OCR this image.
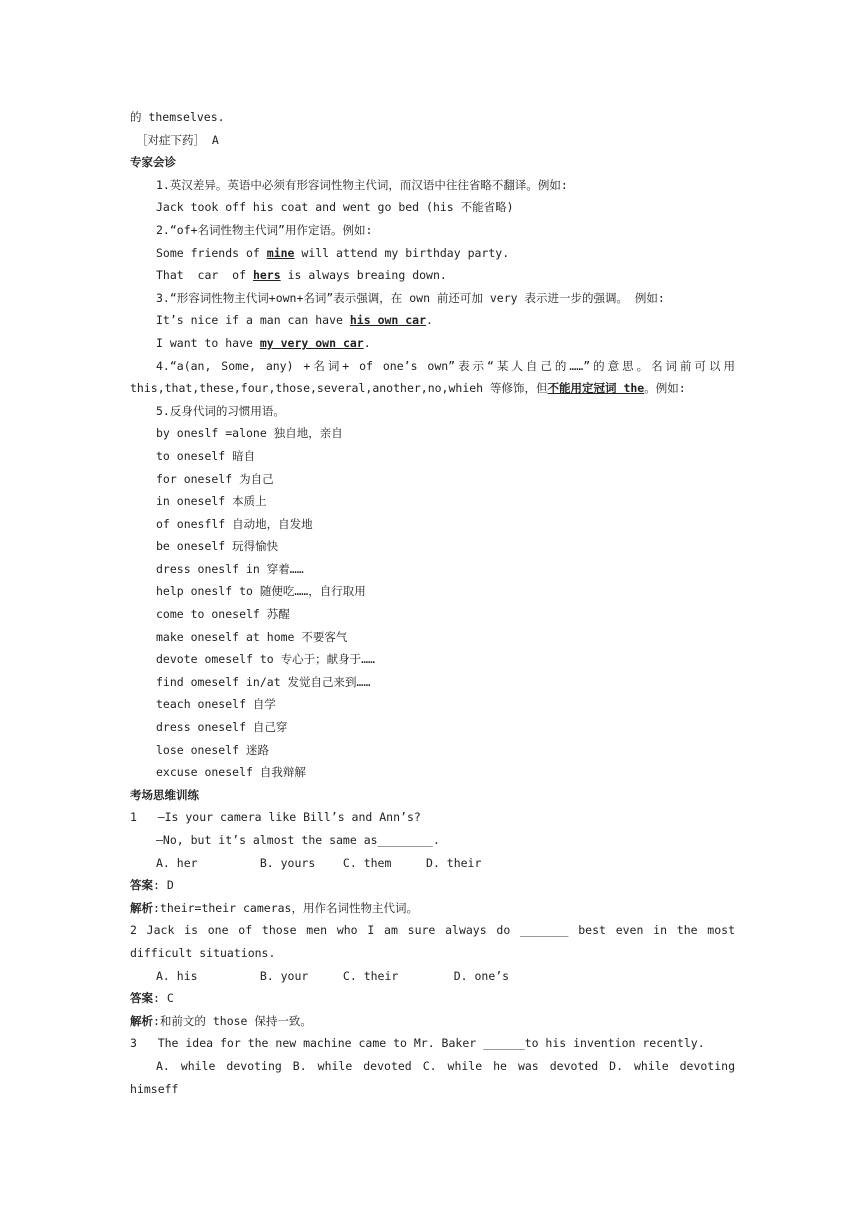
的 themselves.
［对症下药］ A
专家会诊
1.英汉差异。英语中必须有形容词性物主代词，而汉语中往往省略不翻译。例如:
Jack took off his coat and went go bed (his 不能省略)
2.“of+名词性物主代词”用作定语。例如:
Some friends of mine will attend my birthday party.
That  car  of hers is always breaing down.
3.“形容词性物主代词+own+名词”表示强调，在 own 前还可加 very 表示进一步的强调。 例如:
It’s nice if a man can have his own car.
I want to have my very own car.
4.“a(an, Some, any) +名词+ of one’s own”表示“某人自己的……”的意思。名词前可以用 this,that,these,four,those,several,another,no,whieh 等修饰，但不能用定冠词 the。例如:
5.反身代词的习惯用语。
by oneslf =alone 独自地，亲自
to oneself 暗自
for oneself 为自己
in oneself 本质上
of onesflf 自动地，自发地
be oneself 玩得愉快
dress oneslf in 穿着……
help oneslf to 随便吃……，自行取用
come to oneself 苏醒
make oneself at home 不要客气
devote omeself to 专心于；献身于……
find omeself in/at 发觉自己来到……
teach oneself 自学
dress oneself 自己穿
lose oneself 迷路
excuse oneself 自我辩解
考场思维训练
1   —Is your camera like Bill’s and Ann’s?
—No, but it’s almost the same as________.
A. her         B. yours    C. them     D. their
答案: D
解析:their=their cameras，用作名词性物主代词。
2 Jack is one of those men who I am sure always do _______ best even in the most difficult situations.
A. his         B. your     C. their        D. one’s
答案: C
解析:和前文的 those 保持一致。
3   The idea for the new machine came to Mr. Baker ______to his invention recently.
A. while devoting B. while devoted C. while he was devoted D. while devoting himseff
